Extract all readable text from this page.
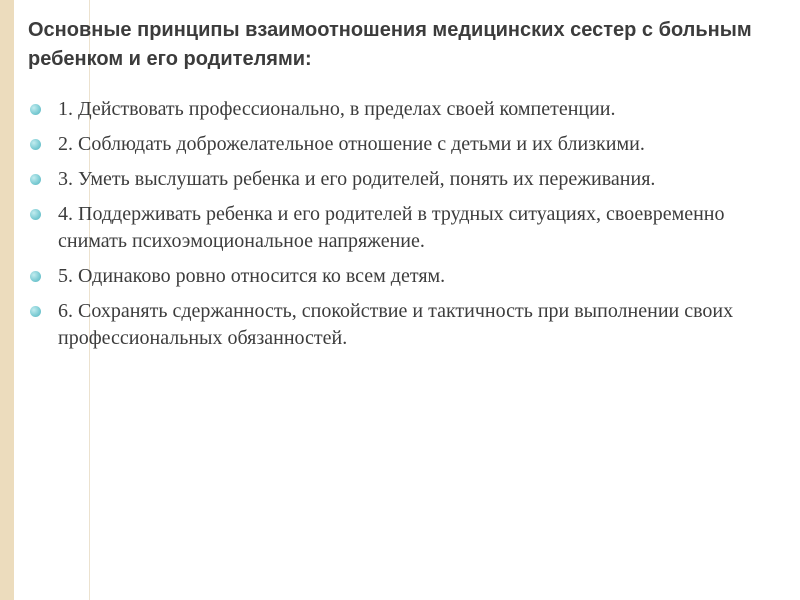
Основные принципы взаимоотношения медицинских сестер с больным ребенком и его родителями:
1. Действовать профессионально, в пределах своей компетенции.
2. Соблюдать доброжелательное отношение с детьми и их близкими.
3. Уметь выслушать ребенка и его родителей, понять их переживания.
4. Поддерживать ребенка и его родителей в трудных ситуациях, своевременно снимать психоэмоциональное напряжение.
5. Одинаково ровно относится ко всем детям.
6. Сохранять сдержанность, спокойствие и тактичность при выполнении своих профессиональных обязанностей.
